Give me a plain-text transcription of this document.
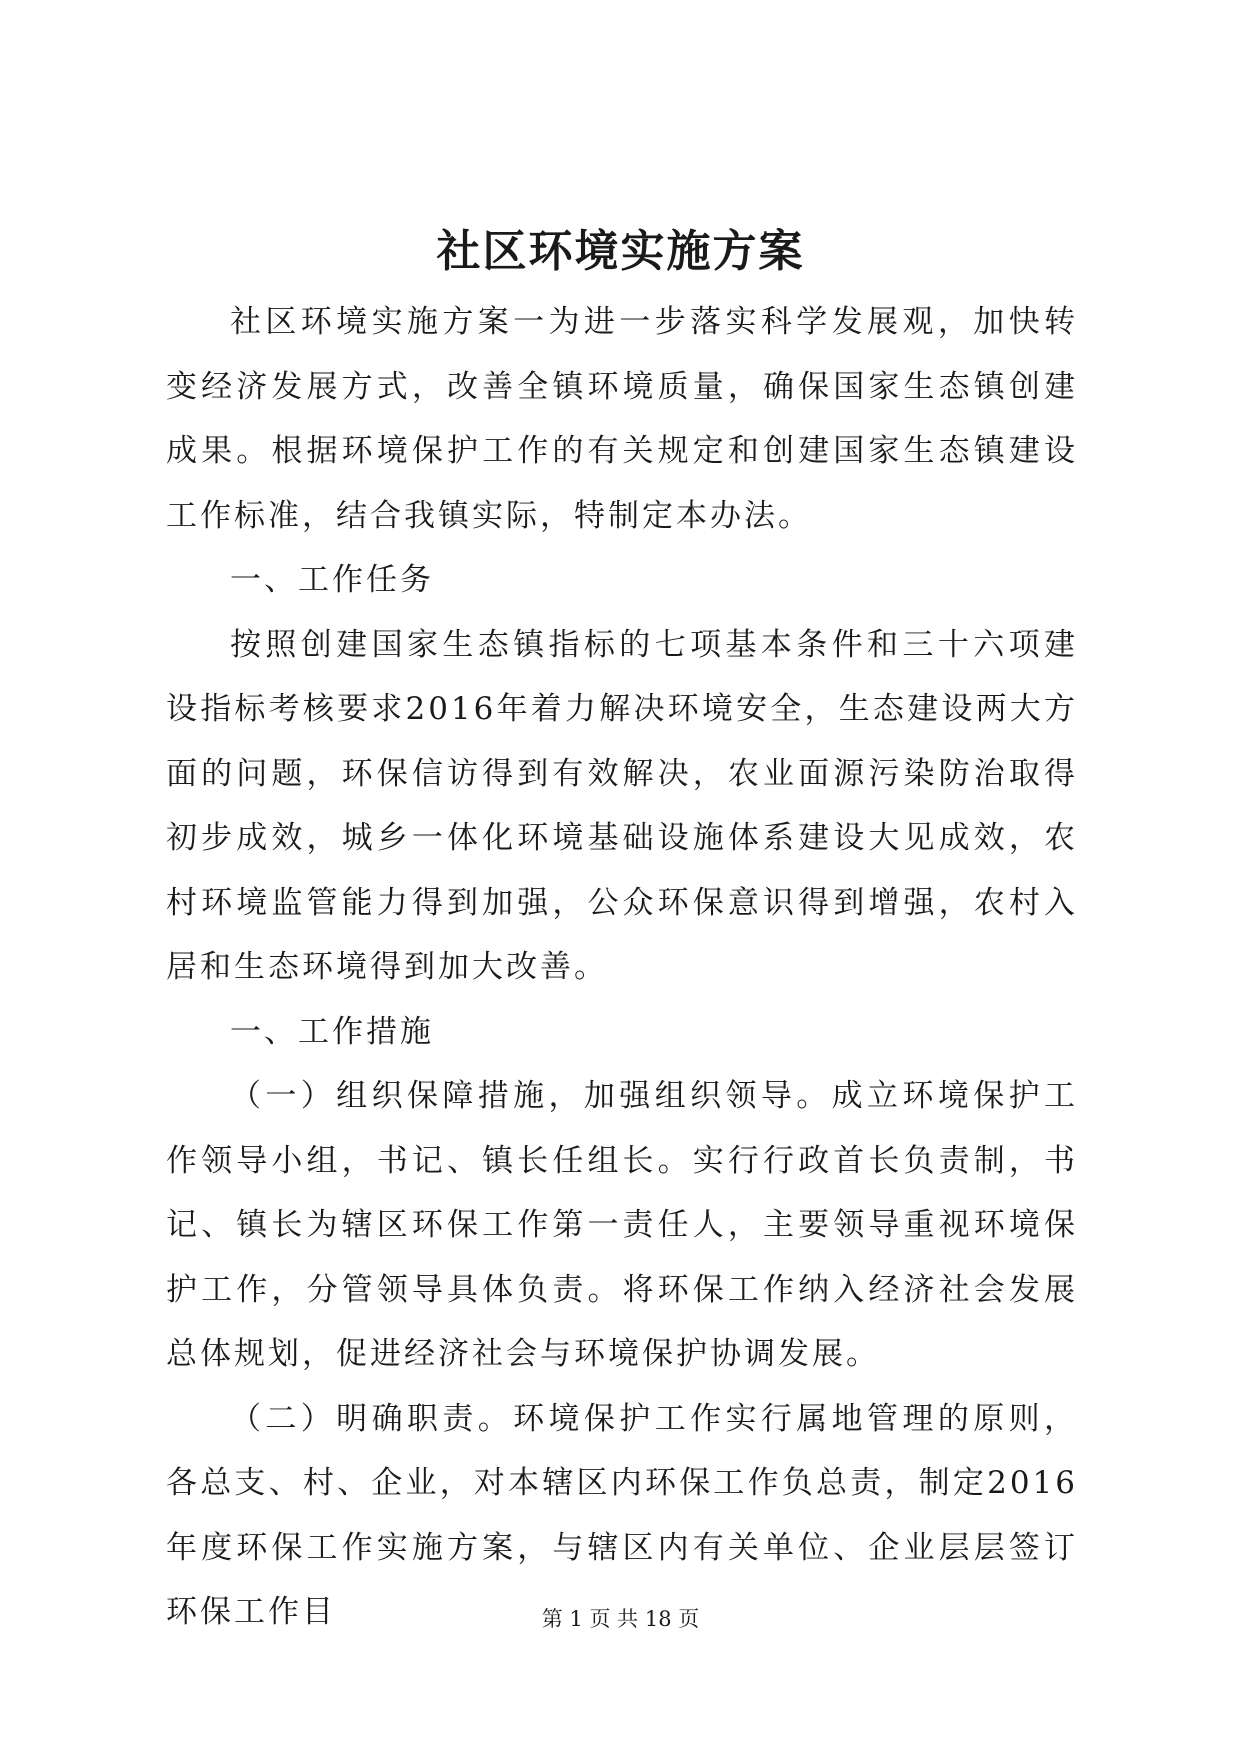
社区环境实施方案

社区环境实施方案一为进一步落实科学发展观，加快转变经济发展方式，改善全镇环境质量，确保国家生态镇创建成果。根据环境保护工作的有关规定和创建国家生态镇建设工作标准，结合我镇实际，特制定本办法。

一、工作任务

按照创建国家生态镇指标的七项基本条件和三十六项建设指标考核要求2016年着力解决环境安全，生态建设两大方面的问题，环保信访得到有效解决，农业面源污染防治取得初步成效，城乡一体化环境基础设施体系建设大见成效，农村环境监管能力得到加强，公众环保意识得到增强，农村入居和生态环境得到加大改善。

一、工作措施

（一）组织保障措施，加强组织领导。成立环境保护工作领导小组，书记、镇长任组长。实行行政首长负责制，书记、镇长为辖区环保工作第一责任人，主要领导重视环境保护工作，分管领导具体负责。将环保工作纳入经济社会发展总体规划，促进经济社会与环境保护协调发展。

（二）明确职责。环境保护工作实行属地管理的原则，各总支、村、企业，对本辖区内环保工作负总责，制定2016年度环保工作实施方案，与辖区内有关单位、企业层层签订环保工作目	第 1 页 共 18 页
